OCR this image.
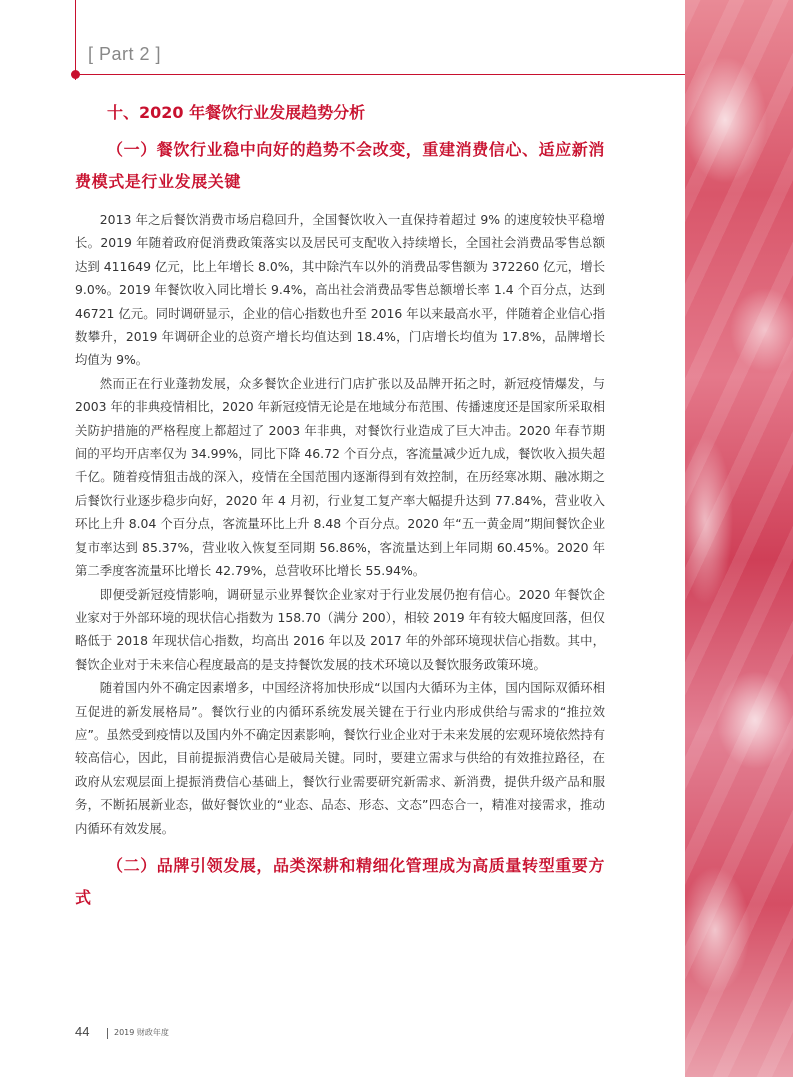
[ Part 2 ]
十、2020 年餐饮行业发展趋势分析
（一）餐饮行业稳中向好的趋势不会改变，重建消费信心、适应新消费模式是行业发展关键

2013 年之后餐饮消费市场启稳回升，全国餐饮收入一直保持着超过 9% 的速度较快平稳增长。2019 年随着政府促消费政策落实以及居民可支配收入持续增长，全国社会消费品零售总额达到 411649 亿元，比上年增长 8.0%，其中除汽车以外的消费品零售额为 372260 亿元，增长 9.0%。2019 年餐饮收入同比增长 9.4%，高出社会消费品零售总额增长率 1.4 个百分点，达到 46721 亿元。同时调研显示，企业的信心指数也升至 2016 年以来最高水平，伴随着企业信心指数攀升，2019 年调研企业的总资产增长均值达到 18.4%，门店增长均值为 17.8%，品牌增长均值为 9%。

然而正在行业蓬勃发展，众多餐饮企业进行门店扩张以及品牌开拓之时，新冠疫情爆发，与 2003 年的非典疫情相比，2020 年新冠疫情无论是在地域分布范围、传播速度还是国家所采取相关防护措施的严格程度上都超过了 2003 年非典，对餐饮行业造成了巨大冲击。2020 年春节期间的平均开店率仅为 34.99%，同比下降 46.72 个百分点，客流量减少近九成，餐饮收入损失超千亿。随着疫情狙击战的深入，疫情在全国范围内逐渐得到有效控制，在历经寒冰期、融冰期之后餐饮行业逐步稳步向好，2020 年 4 月初，行业复工复产率大幅提升达到 77.84%，营业收入环比上升 8.04 个百分点，客流量环比上升 8.48 个百分点。2020 年“五一黄金周”期间餐饮企业复市率达到 85.37%，营业收入恢复至同期 56.86%，客流量达到上年同期 60.45%。2020 年第二季度客流量环比增长 42.79%，总营收环比增长 55.94%。

即便受新冠疫情影响，调研显示业界餐饮企业家对于行业发展仍抱有信心。2020 年餐饮企业家对于外部环境的现状信心指数为 158.70（满分 200），相较 2019 年有较大幅度回落，但仅略低于 2018 年现状信心指数，均高出 2016 年以及 2017 年的外部环境现状信心指数。其中，餐饮企业对于未来信心程度最高的是支持餐饮发展的技术环境以及餐饮服务政策环境。

随着国内外不确定因素增多，中国经济将加快形成“以国内大循环为主体，国内国际双循环相互促进的新发展格局”。餐饮行业的内循环系统发展关键在于行业内形成供给与需求的“推拉效应”。虽然受到疫情以及国内外不确定因素影响，餐饮行业企业对于未来发展的宏观环境依然持有较高信心，因此，目前提振消费信心是破局关键。同时，要建立需求与供给的有效推拉路径，在政府从宏观层面上提振消费信心基础上，餐饮行业需要研究新需求、新消费，提供升级产品和服务，不断拓展新业态，做好餐饮业的“业态、品态、形态、文态”四态合一，精准对接需求，推动内循环有效发展。

（二）品牌引领发展，品类深耕和精细化管理成为高质量转型重要方式
44	2019 财政年度
